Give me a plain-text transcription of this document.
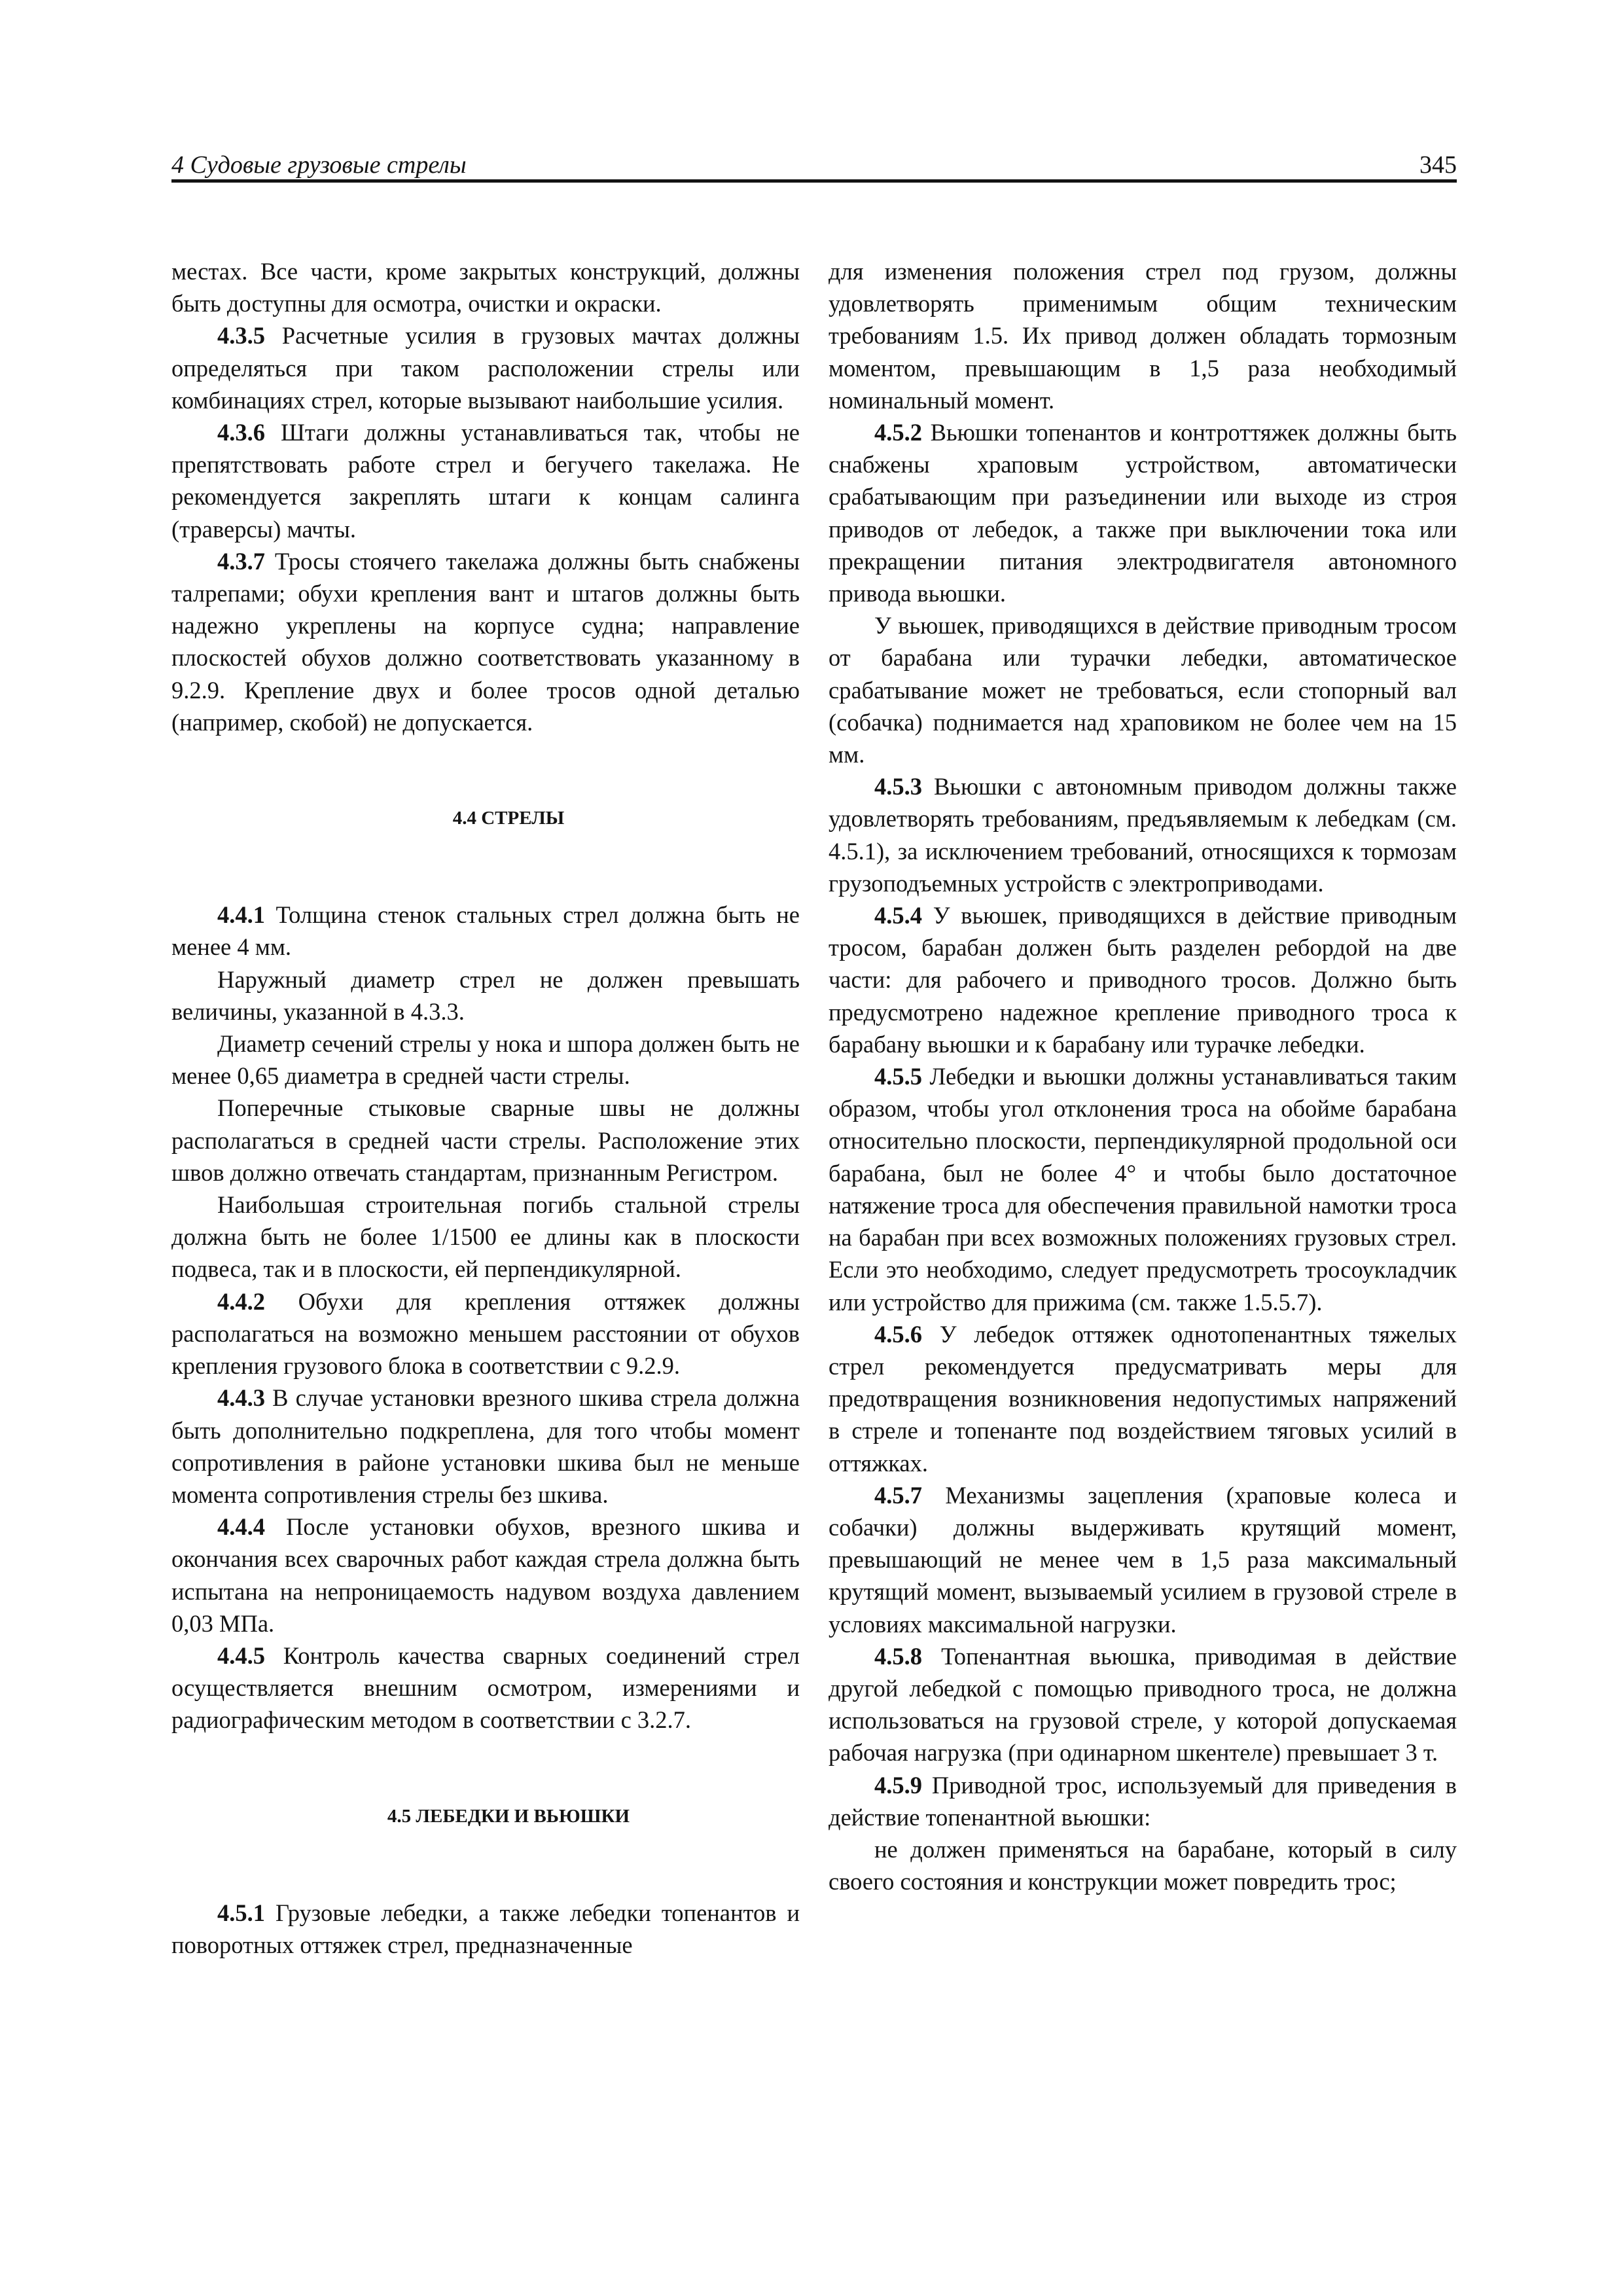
4 Судовые грузовые стрелы	345

местах. Все части, кроме закрытых конструкций, должны быть доступны для осмотра, очистки и окраски.

4.3.5 Расчетные усилия в грузовых мачтах должны определяться при таком расположении стрелы или комбинациях стрел, которые вызывают наибольшие усилия.

4.3.6 Штаги должны устанавливаться так, чтобы не препятствовать работе стрел и бегучего такелажа. Не рекомендуется закреплять штаги к концам салинга (траверсы) мачты.

4.3.7 Тросы стоячего такелажа должны быть снабжены талрепами; обухи крепления вант и штагов должны быть надежно укреплены на корпусе судна; направление плоскостей обухов должно соответствовать указанному в 9.2.9. Крепление двух и более тросов одной деталью (например, скобой) не допускается.

4.4 СТРЕЛЫ

4.4.1 Толщина стенок стальных стрел должна быть не менее 4 мм.

Наружный диаметр стрел не должен превышать величины, указанной в 4.3.3.

Диаметр сечений стрелы у нока и шпора должен быть не менее 0,65 диаметра в средней части стрелы.

Поперечные стыковые сварные швы не должны располагаться в средней части стрелы. Расположение этих швов должно отвечать стандартам, признанным Регистром.

Наибольшая строительная погибь стальной стрелы должна быть не более 1/1500 ее длины как в плоскости подвеса, так и в плоскости, ей перпендикулярной.

4.4.2 Обухи для крепления оттяжек должны располагаться на возможно меньшем расстоянии от обухов крепления грузового блока в соответствии с 9.2.9.

4.4.3 В случае установки врезного шкива стрела должна быть дополнительно подкреплена, для того чтобы момент сопротивления в районе установки шкива был не меньше момента сопротивления стрелы без шкива.

4.4.4 После установки обухов, врезного шкива и окончания всех сварочных работ каждая стрела должна быть испытана на непроницаемость надувом воздуха давлением 0,03 МПа.

4.4.5 Контроль качества сварных соединений стрел осуществляется внешним осмотром, измерениями и радиографическим методом в соответствии с 3.2.7.

4.5 ЛЕБЕДКИ И ВЬЮШКИ

4.5.1 Грузовые лебедки, а также лебедки топенантов и поворотных оттяжек стрел, предназначенные

для изменения положения стрел под грузом, должны удовлетворять применимым общим техническим требованиям 1.5. Их привод должен обладать тормозным моментом, превышающим в 1,5 раза необходимый номинальный момент.

4.5.2 Вьюшки топенантов и контроттяжек должны быть снабжены храповым устройством, автоматически срабатывающим при разъединении или выходе из строя приводов от лебедок, а также при выключении тока или прекращении питания электродвигателя автономного привода вьюшки.

У вьюшек, приводящихся в действие приводным тросом от барабана или турачки лебедки, автоматическое срабатывание может не требоваться, если стопорный вал (собачка) поднимается над храповиком не более чем на 15 мм.

4.5.3 Вьюшки с автономным приводом должны также удовлетворять требованиям, предъявляемым к лебедкам (см. 4.5.1), за исключением требований, относящихся к тормозам грузоподъемных устройств с электроприводами.

4.5.4 У вьюшек, приводящихся в действие приводным тросом, барабан должен быть разделен ребордой на две части: для рабочего и приводного тросов. Должно быть предусмотрено надежное крепление приводного троса к барабану вьюшки и к барабану или турачке лебедки.

4.5.5 Лебедки и вьюшки должны устанавливаться таким образом, чтобы угол отклонения троса на обойме барабана относительно плоскости, перпендикулярной продольной оси барабана, был не более 4° и чтобы было достаточное натяжение троса для обеспечения правильной намотки троса на барабан при всех возможных положениях грузовых стрел. Если это необходимо, следует предусмотреть тросоукладчик или устройство для прижима (см. также 1.5.5.7).

4.5.6 У лебедок оттяжек однотопенантных тяжелых стрел рекомендуется предусматривать меры для предотвращения возникновения недопустимых напряжений в стреле и топенанте под воздействием тяговых усилий в оттяжках.

4.5.7 Механизмы зацепления (храповые колеса и собачки) должны выдерживать крутящий момент, превышающий не менее чем в 1,5 раза максимальный крутящий момент, вызываемый усилием в грузовой стреле в условиях максимальной нагрузки.

4.5.8 Топенантная вьюшка, приводимая в действие другой лебедкой с помощью приводного троса, не должна использоваться на грузовой стреле, у которой допускаемая рабочая нагрузка (при одинарном шкентеле) превышает 3 т.

4.5.9 Приводной трос, используемый для приведения в действие топенантной вьюшки:

не должен применяться на барабане, который в силу своего состояния и конструкции может повредить трос;
